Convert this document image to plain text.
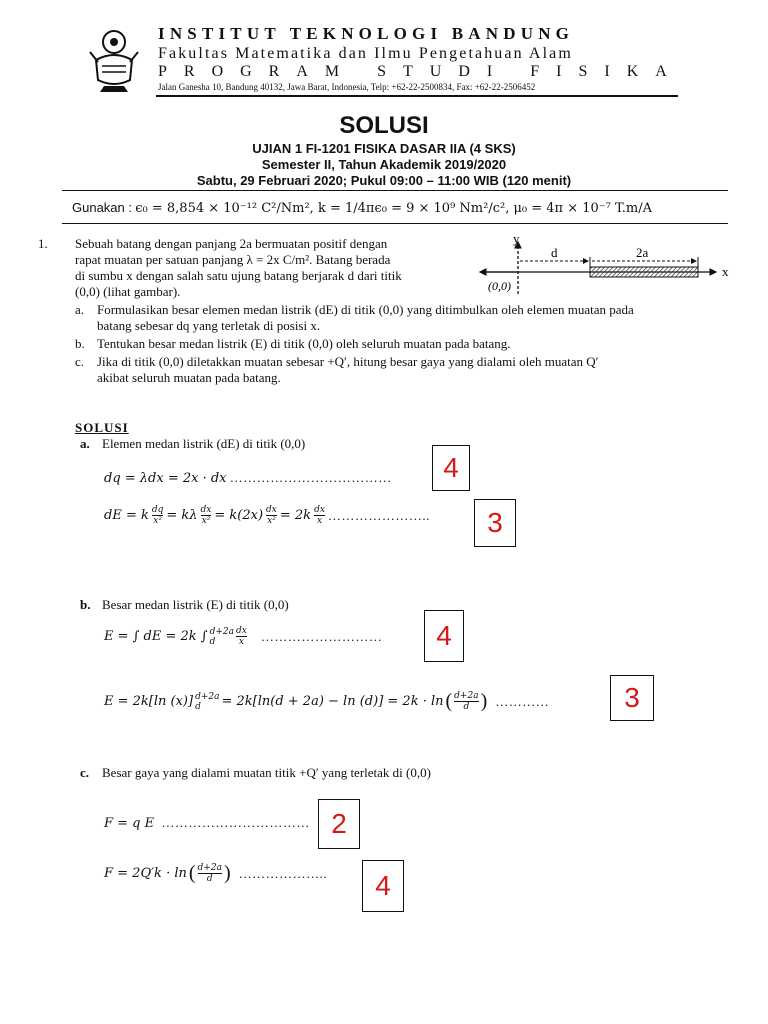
INSTITUT TEKNOLOGI BANDUNG
Fakultas Matematika dan Ilmu Pengetahuan Alam
PROGRAM STUDI FISIKA
Jalan Ganesha 10, Bandung 40132, Jawa Barat, Indonesia, Telp: +62-22-2500834, Fax: +62-22-2506452
SOLUSI
UJIAN 1 FI-1201 FISIKA DASAR IIA (4 SKS)
Semester II, Tahun Akademik 2019/2020
Sabtu, 29 Februari 2020; Pukul 09:00 – 11:00 WIB (120 menit)
Gunakan : ϵ₀ = 8,854 × 10⁻¹² C²/Nm², k = 1/4πϵ₀ = 9 × 10⁹ Nm²/c², μ₀ = 4π × 10⁻⁷ T.m/A
1. Sebuah batang dengan panjang 2a bermuatan positif dengan
rapat muatan per satuan panjang λ = 2x C/m². Batang berada
di sumbu x dengan salah satu ujung batang berjarak d dari titik
(0,0) (lihat gambar).
a. Formulasikan besar elemen medan listrik (dE) di titik (0,0) yang ditimbulkan oleh elemen muatan pada
batang sebesar dq yang terletak di posisi x.
b. Tentukan besar medan listrik (E) di titik (0,0) oleh seluruh muatan pada batang.
c. Jika di titik (0,0) diletakkan muatan sebesar +Q′, hitung besar gaya yang dialami oleh muatan Q′
akibat seluruh muatan pada batang.
y
x
d	2a
(0,0)
SOLUSI
a. Elemen medan listrik (dE) di titik (0,0)
dq = λdx = 2x · dx ………………………………
dE = k $\frac{dq}{\text{x²}} = k\lambda \frac{dx}{\text{x²}} = k(2x) \frac{dx}{\text{x²}} = 2k \frac{dx}{x}$ …………………..
4
3
b. Besar medan listrik (E) di titik (0,0)
E = ∫ dE = 2k ∫ d+2a
d	$\frac{dx}{x}$ ………………………
E = 2k[ln (x)] d+2a
d	= 2k[ln(d + 2a) − ln (d)] = 2k · ln ( $\frac{d+2a}{d}$ ) …………
4
3
c. Besar gaya yang dialami muatan titik +Q′ yang terletak di (0,0)
F = q E ……………………………
F = 2Q′k · ln ( $\frac{d+2a}{d}$ ) ………………..
2
4
